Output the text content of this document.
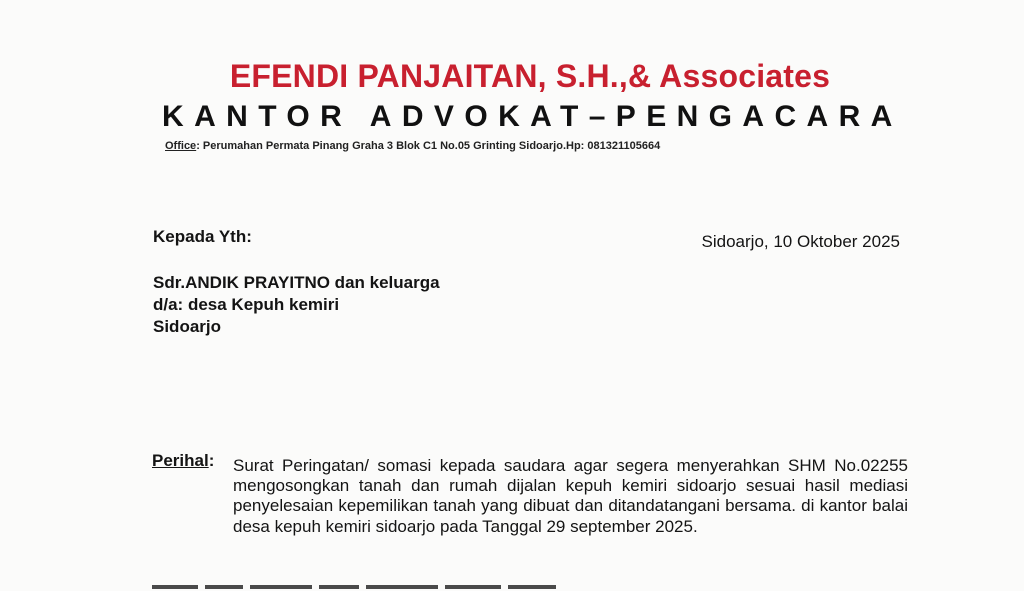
EFENDI PANJAITAN, S.H.,& Associates
KANTOR ADVOKAT–PENGACARA
Office: Perumahan Permata Pinang Graha 3 Blok C1 No.05 Grinting Sidoarjo.Hp: 081321105664
Kepada Yth:	Sidoarjo, 10 Oktober 2025
Sdr.ANDIK PRAYITNO dan keluarga
d/a: desa Kepuh kemiri
Sidoarjo
Perihal: Surat Peringatan/ somasi kepada saudara agar segera menyerahkan SHM No.02255 mengosongkan tanah dan rumah dijalan kepuh kemiri sidoarjo sesuai hasil mediasi penyelesaian kepemilikan tanah yang dibuat dan ditandatangani bersama. di kantor balai desa kepuh kemiri sidoarjo pada Tanggal 29 september 2025.
